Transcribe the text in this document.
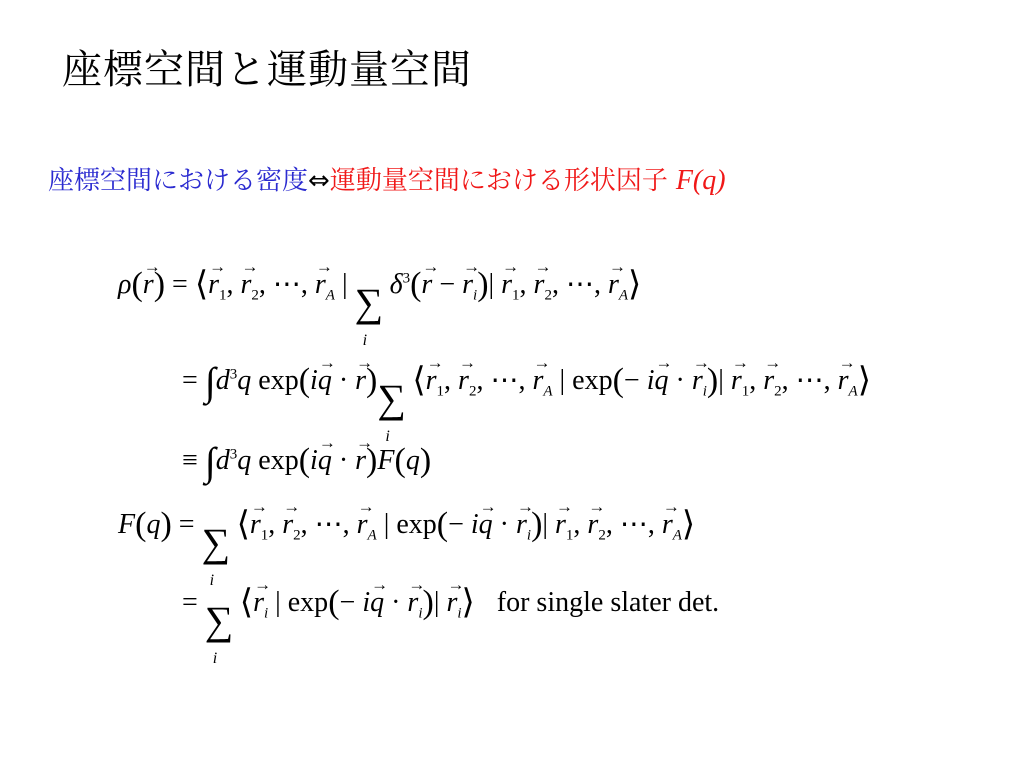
座標空間と運動量空間
座標空間における密度⇔運動量空間における形状因子 F(q)
ρ(→ r) = ⟨→ $r_1$, → $r_2$, ⋯, → $r_A$ | ∑
i
$\delta^3(\to r$ − → $r_i)| \to r_1$, → $r_2$, ⋯, → $r_A⟩$
= $\int d^3q$ exp(i→ q · → r) ∑
i
⟨→ $r_1$, → $r_2$, ⋯, → $r_A$ | exp(− i→ q · → $r_i)| \to r_1$, → $r_2$, ⋯, → $r_A⟩$
≡ $\int d^3q$ exp(i→ q · → r)F(q)
F(q) = ∑
i
⟨→ $r_1$, → $r_2$, ⋯, → $r_A$ | exp(− i→ q · → $r_i)| \to r_1$, → $r_2$, ⋯, → $r_A⟩$
= ∑
i
⟨→ $r_i$ | exp(− i→ q · → $r_i)|$ → $r_i⟩$ for single slater det.
